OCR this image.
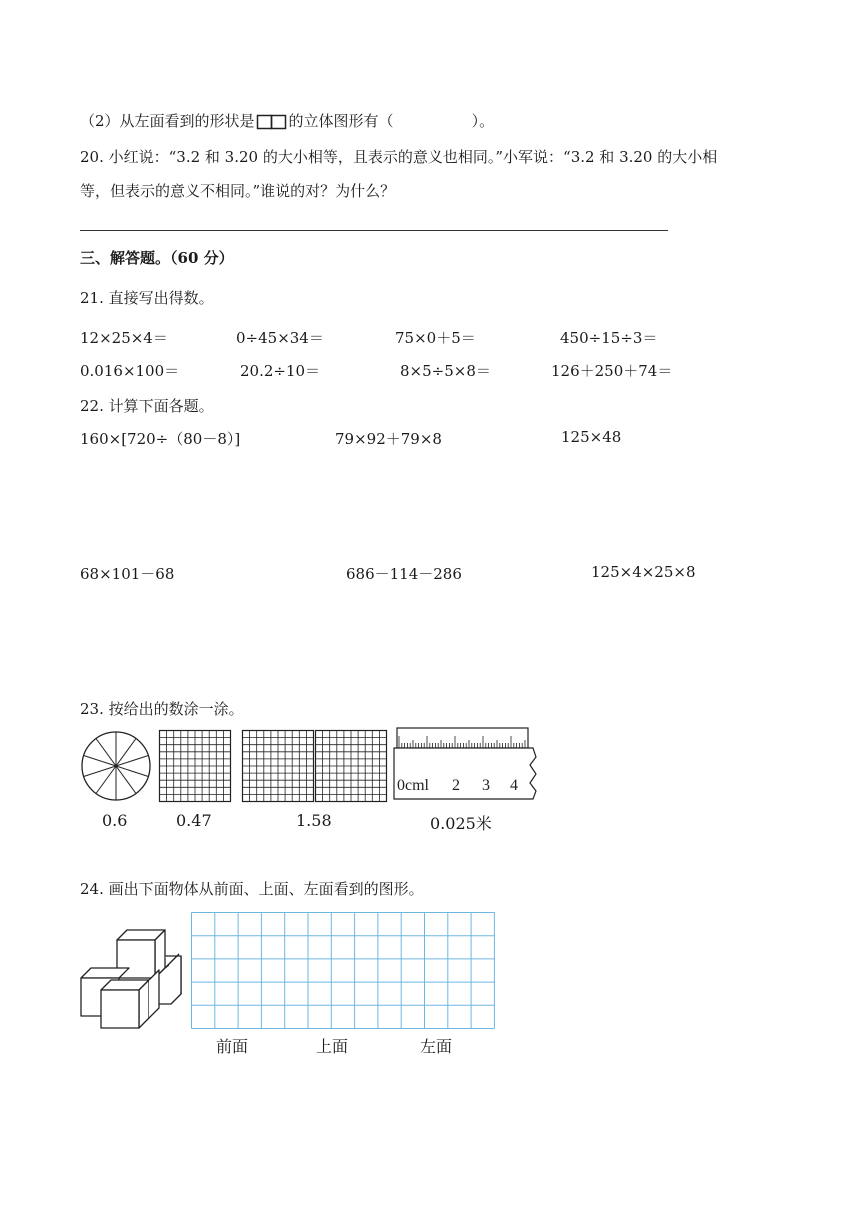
（2）从左面看到的形状是 的立体图形有（	）。
20. 小红说：“3.2 和 3.20 的大小相等，且表示的意义也相同。”小军说：“3.2 和 3.20 的大小相
等，但表示的意义不相同。”谁说的对？为什么？
三、解答题。（60 分）
21. 直接写出得数。
12×25×4＝	0÷45×34＝	75×0＋5＝	450÷15÷3＝
0.016×100＝	20.2÷10＝	8×5÷5×8＝	126＋250＋74＝
22. 计算下面各题。
160×[720÷（80－8）]	79×92＋79×8	125×48
68×101－68	686－114－286	125×4×25×8
23. 按给出的数涂一涂。
0cml 2 3 4
0.6	0.47	1.58	0.025米
24. 画出下面物体从前面、上面、左面看到的图形。
前面	上面	左面
